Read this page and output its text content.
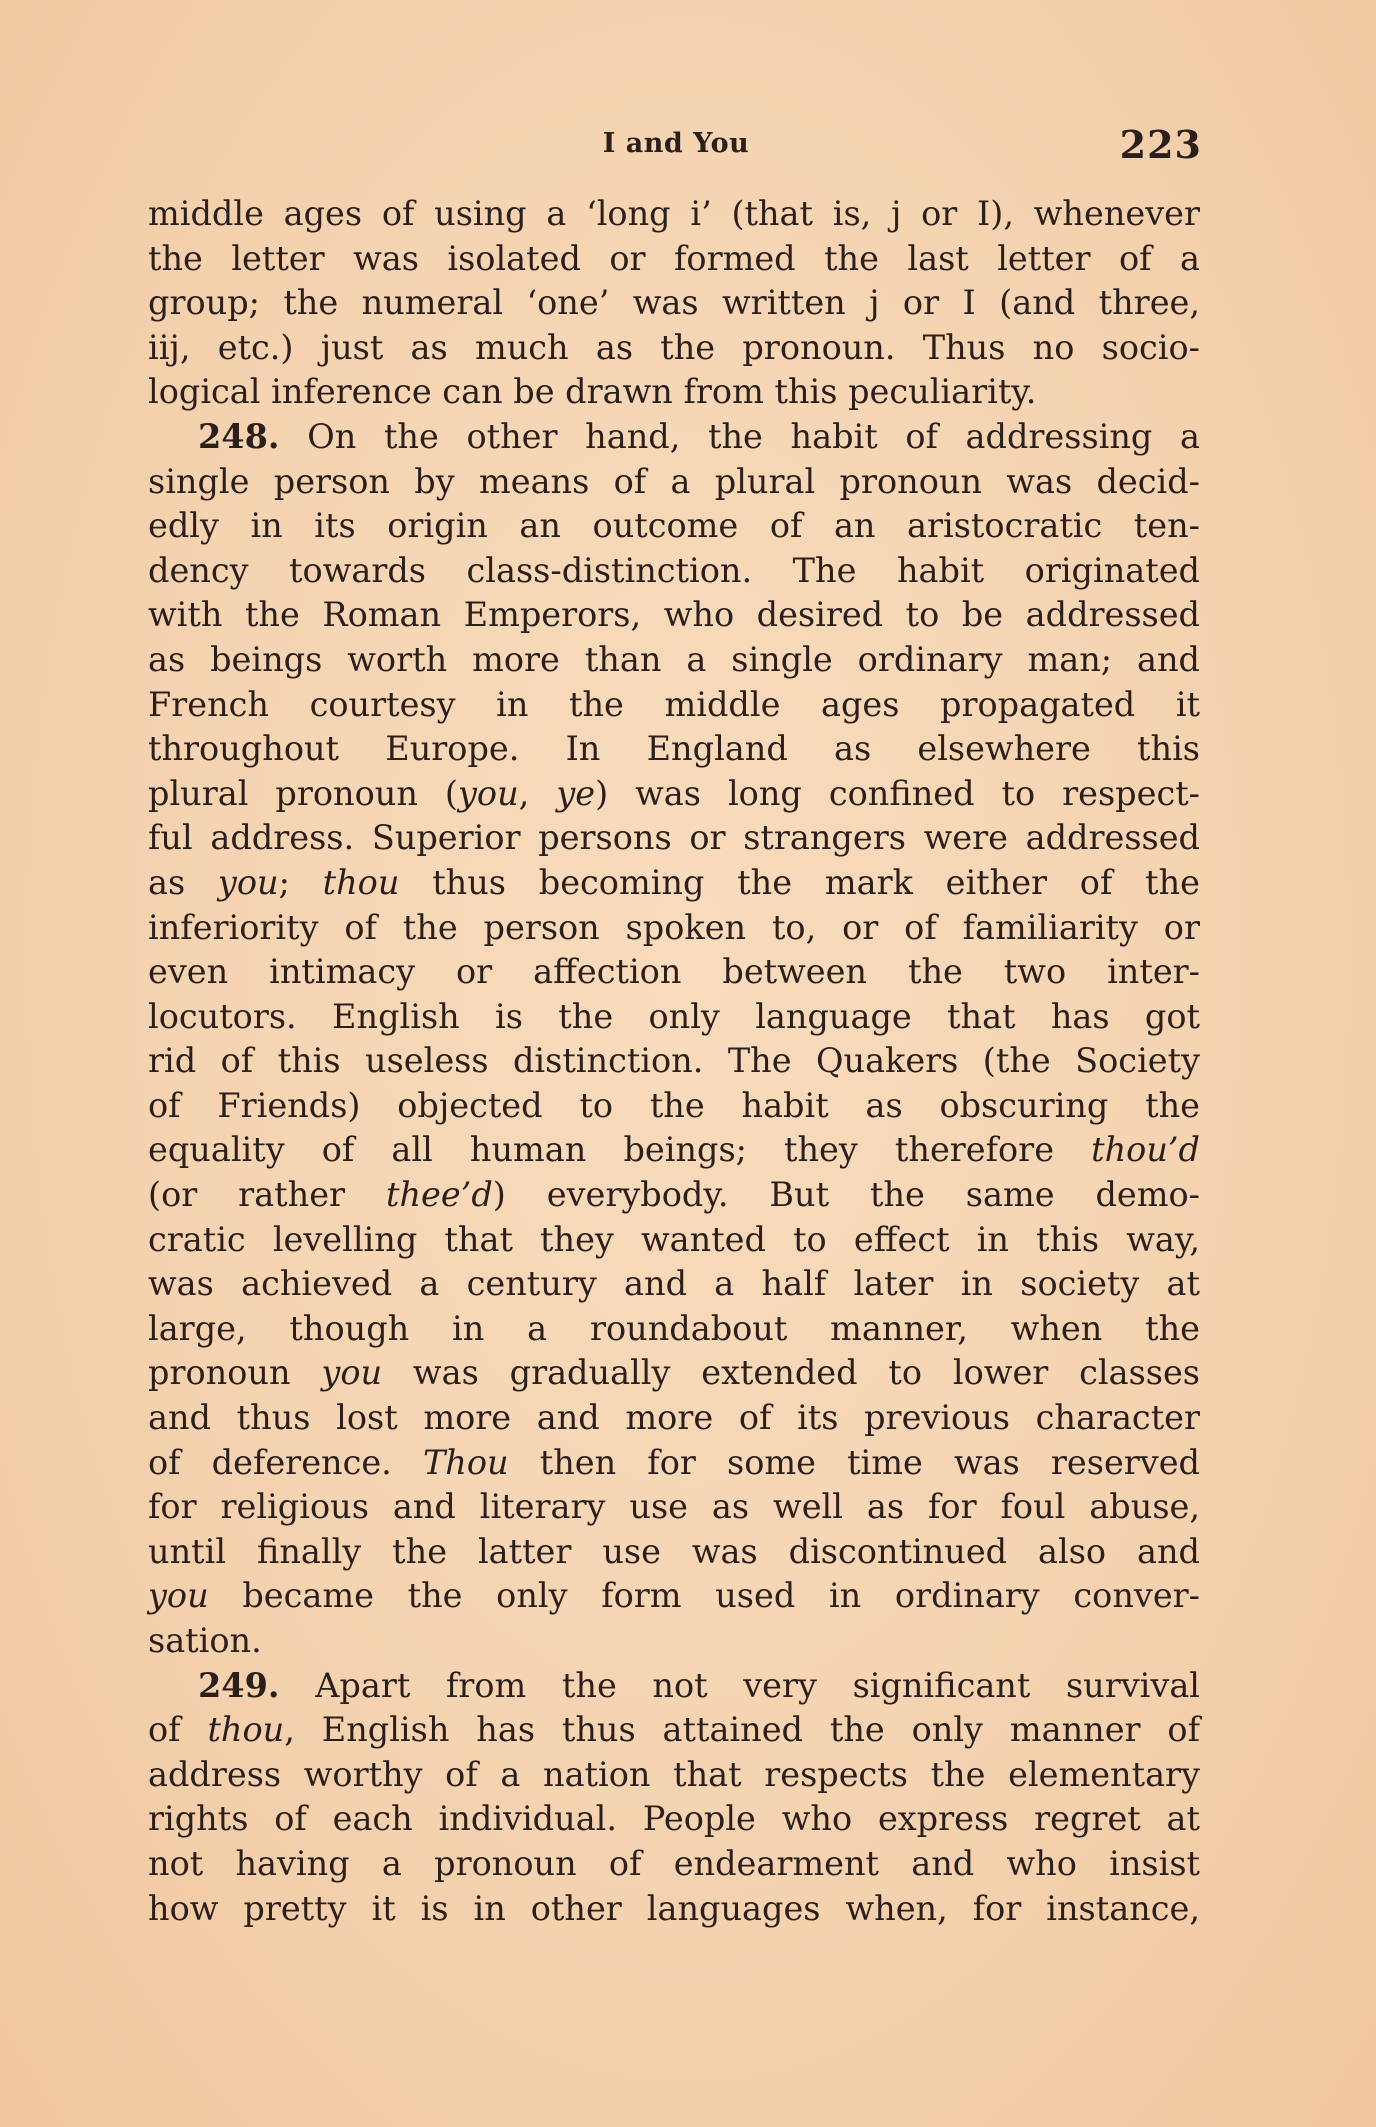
I and You	223
middle ages of using a ‘long i’ (that is, j or I), whenever
the letter was isolated or formed the last letter of a
group; the numeral ‘one’ was written j or I (and three,
iij, etc.) just as much as the pronoun. Thus no socio-
logical inference can be drawn from this peculiarity.
248. On the other hand, the habit of addressing a
single person by means of a plural pronoun was decid-
edly in its origin an outcome of an aristocratic ten-
dency towards class-distinction. The habit originated
with the Roman Emperors, who desired to be addressed
as beings worth more than a single ordinary man; and
French courtesy in the middle ages propagated it
throughout Europe. In England as elsewhere this
plural pronoun (you, ye) was long confined to respect-
ful address. Superior persons or strangers were addressed
as you; thou thus becoming the mark either of the
inferiority of the person spoken to, or of familiarity or
even intimacy or affection between the two inter-
locutors. English is the only language that has got
rid of this useless distinction. The Quakers (the Society
of Friends) objected to the habit as obscuring the
equality of all human beings; they therefore thou’d
(or rather thee’d) everybody. But the same demo-
cratic levelling that they wanted to effect in this way,
was achieved a century and a half later in society at
large, though in a roundabout manner, when the
pronoun you was gradually extended to lower classes
and thus lost more and more of its previous character
of deference. Thou then for some time was reserved
for religious and literary use as well as for foul abuse,
until finally the latter use was discontinued also and
you became the only form used in ordinary conver-
sation.
249. Apart from the not very significant survival
of thou, English has thus attained the only manner of
address worthy of a nation that respects the elementary
rights of each individual. People who express regret at
not having a pronoun of endearment and who insist
how pretty it is in other languages when, for instance,
